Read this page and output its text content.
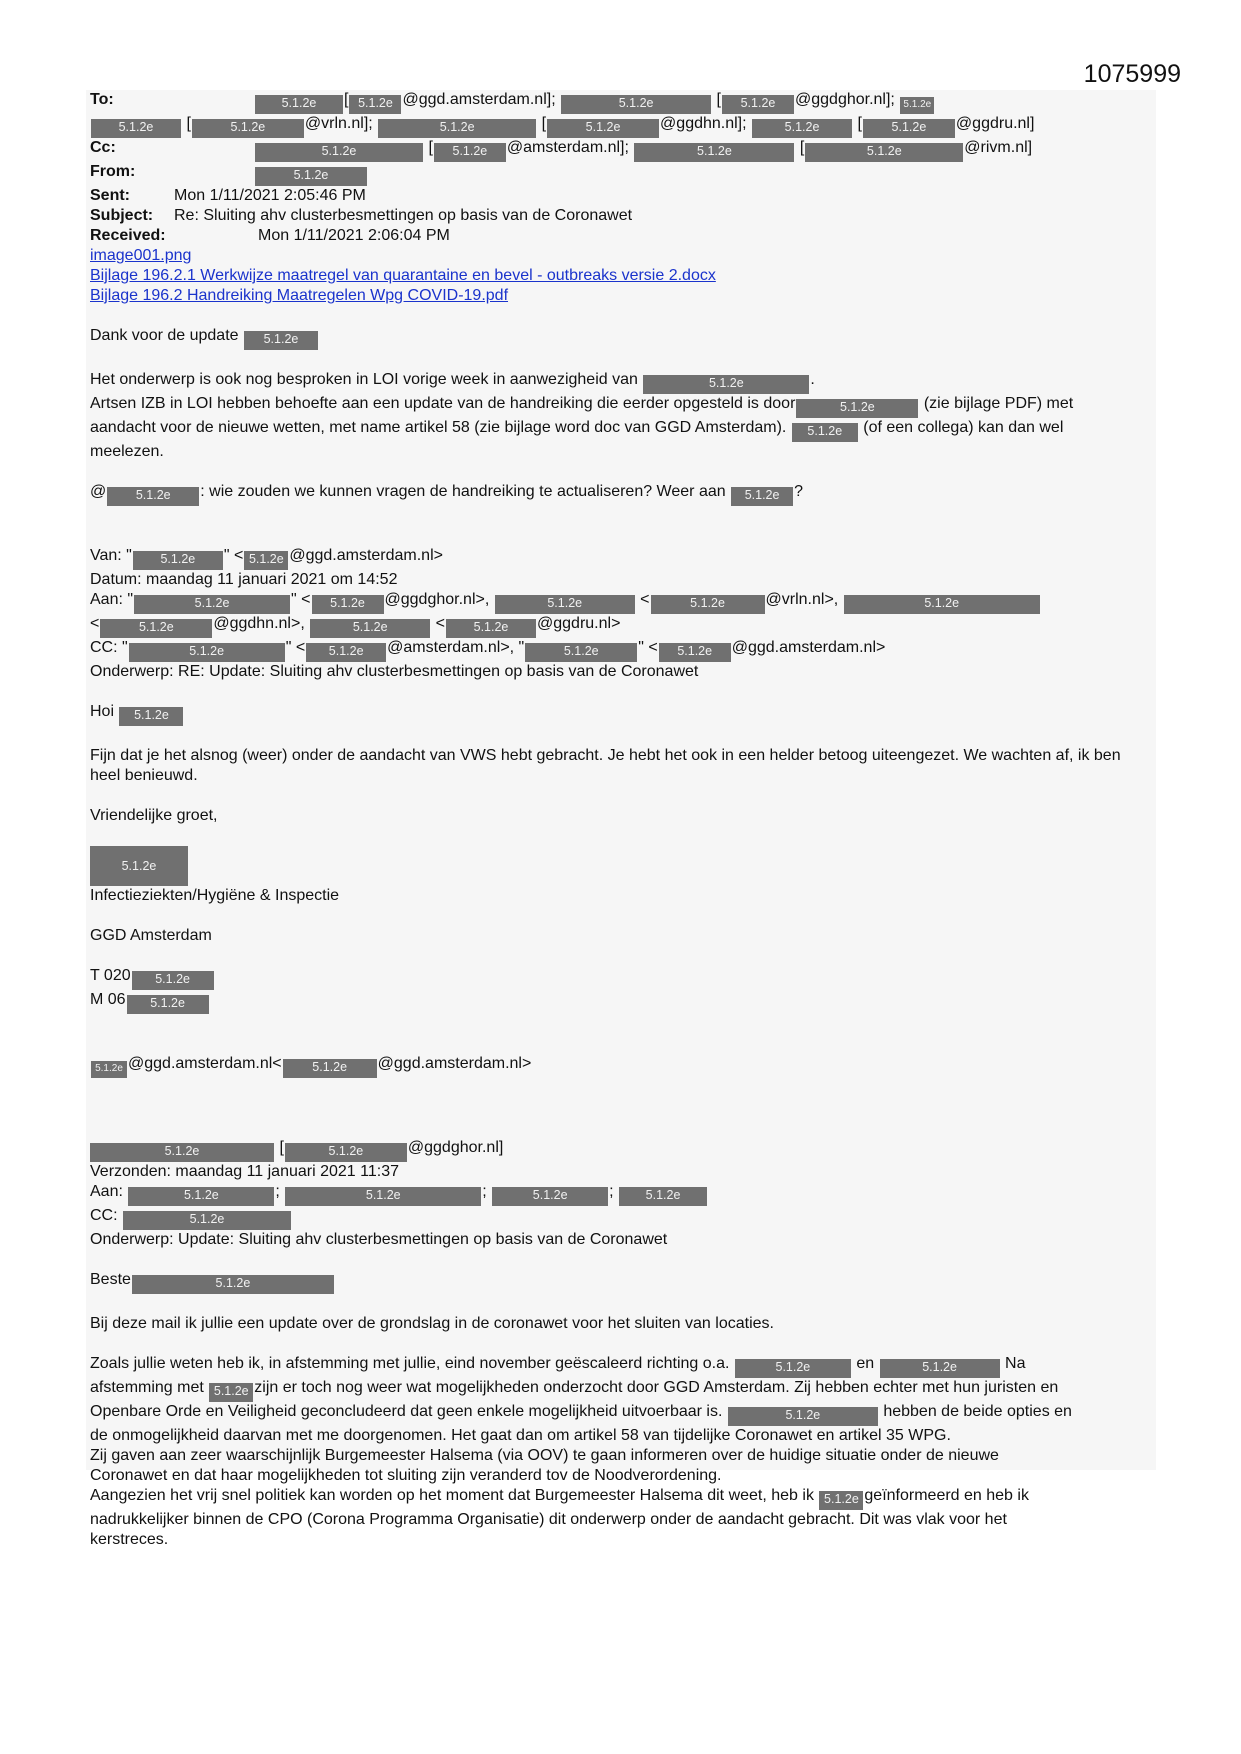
1075999
To:	5.1.2e [ 5.1.2e @ggd.amsterdam.nl];	5.1.2e	[ 5.1.2e @ggdghor.nl]; 5.1.2e
5.1.2e [	5.1.2e @vrln.nl];	5.1.2e	[	5.1.2e @ggdhn.nl];	5.1.2e [ 5.1.2e @ggdru.nl]
Cc:	5.1.2e	[ 5.1.2e @amsterdam.nl];	5.1.2e	[	5.1.2e	@rivm.nl]
From:	5.1.2e
Sent:	Mon 1/11/2021 2:05:46 PM
Subject: Re: Sluiting ahv clusterbesmettingen op basis van de Coronawet
Received:	Mon 1/11/2021 2:06:04 PM
image001.png
Bijlage 196.2.1 Werkwijze maatregel van quarantaine en bevel - outbreaks versie 2.docx
Bijlage 196.2 Handreiking Maatregelen Wpg COVID-19.pdf
Dank voor de update 5.1.2e
Het onderwerp is ook nog besproken in LOI vorige week in aanwezigheid van	5.1.2e	.
Artsen IZB in LOI hebben behoefte aan een update van de handreiking die eerder opgesteld is door	5.1.2e	(zie bijlage PDF) met
aandacht voor de nieuwe wetten, met name artikel 58 (zie bijlage word doc van GGD Amsterdam). 5.1.2e (of een collega) kan dan wel
meelezen.
@ 5.1.2e : wie zouden we kunnen vragen de handreiking te actualiseren? Weer aan 5.1.2e ?
Van: " 5.1.2e " < 5.1.2e @ggd.amsterdam.nl>
Datum: maandag 11 januari 2021 om 14:52
Aan: "	5.1.2e	" < 5.1.2e @ggdghor.nl>,	5.1.2e	<	5.1.2e	@vrln.nl>,	5.1.2e
<	5.1.2e @ggdhn.nl>,	5.1.2e	< 5.1.2e @ggdru.nl>
CC: "	5.1.2e	" < 5.1.2e @amsterdam.nl>, "	5.1.2e " < 5.1.2e @ggd.amsterdam.nl>
Onderwerp: RE: Update: Sluiting ahv clusterbesmettingen op basis van de Coronawet
Hoi 5.1.2e
Fijn dat je het alsnog (weer) onder de aandacht van VWS hebt gebracht. Je hebt het ook in een helder betoog uiteengezet. We wachten af, ik ben heel benieuwd.
Vriendelijke groet,
5.1.2e
Infectieziekten/Hygiëne & Inspectie
GGD Amsterdam
T 020 5.1.2e
M 06 5.1.2e
5.1.2e @ggd.amsterdam.nl< 5.1.2e @ggd.amsterdam.nl>
5.1.2e	[	5.1.2e	@ggdghor.nl]
Verzonden: maandag 11 januari 2021 11:37
Aan:	5.1.2e	;	5.1.2e	;	5.1.2e	; 5.1.2e
CC:	5.1.2e
Onderwerp: Update: Sluiting ahv clusterbesmettingen op basis van de Coronawet
Beste	5.1.2e
Bij deze mail ik jullie een update over de grondslag in de coronawet voor het sluiten van locaties.
Zoals jullie weten heb ik, in afstemming met jullie, eind november geëscaleerd richting o.a.	5.1.2e	en	5.1.2e	Na
afstemming met 5.1.2e zijn er toch nog weer wat mogelijkheden onderzocht door GGD Amsterdam. Zij hebben echter met hun juristen en
Openbare Orde en Veiligheid geconcludeerd dat geen enkele mogelijkheid uitvoerbaar is.	5.1.2e	hebben de beide opties en
de onmogelijkheid daarvan met me doorgenomen. Het gaat dan om artikel 58 van tijdelijke Coronawet en artikel 35 WPG.
Zij gaven aan zeer waarschijnlijk Burgemeester Halsema (via OOV) te gaan informeren over de huidige situatie onder de nieuwe
Coronawet en dat haar mogelijkheden tot sluiting zijn veranderd tov de Noodverordening.
Aangezien het vrij snel politiek kan worden op het moment dat Burgemeester Halsema dit weet, heb ik 5.1.2e geïnformeerd en heb ik
nadrukkelijker binnen de CPO (Corona Programma Organisatie) dit onderwerp onder de aandacht gebracht. Dit was vlak voor het
kerstreces.
